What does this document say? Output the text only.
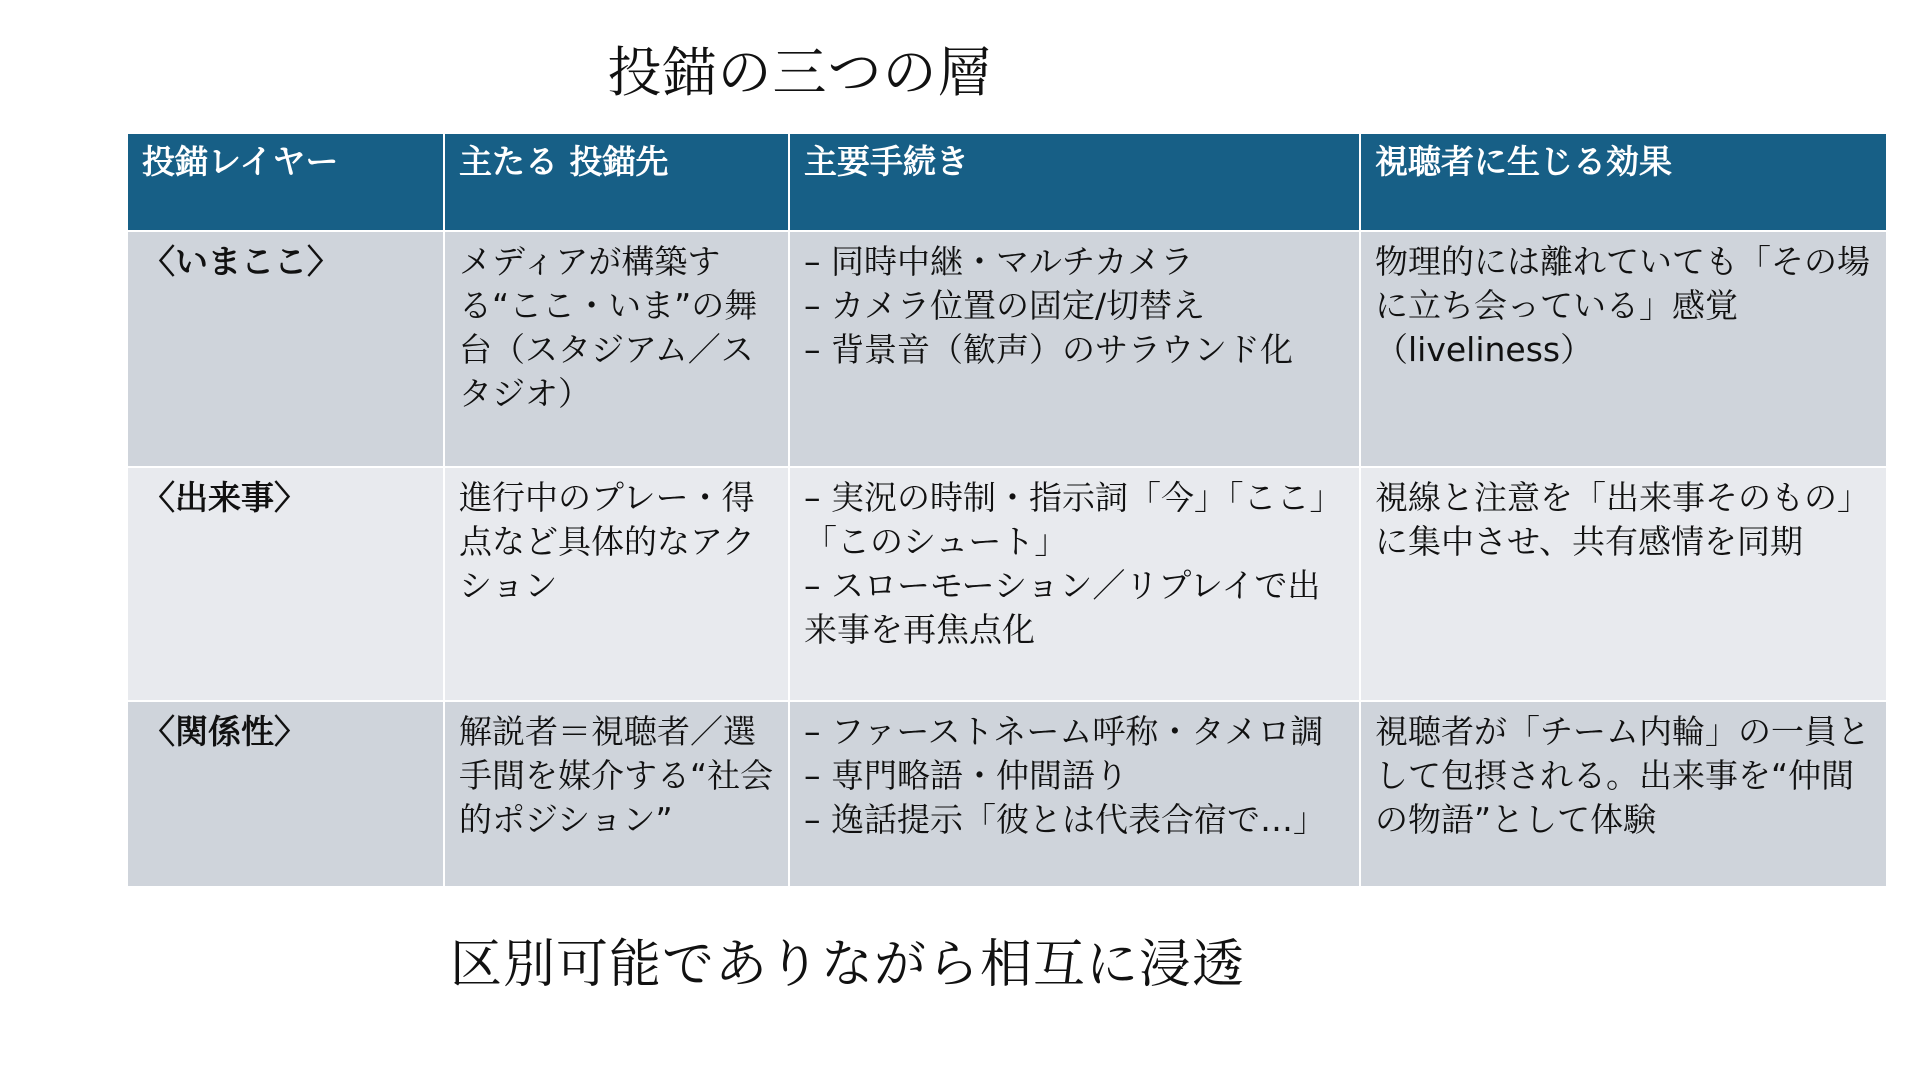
投錨の三つの層
投錨レイヤー	主たる 投錨先	主要手続き	視聴者に生じる効果
〈いまここ〉	メディアが構築する“ここ・いま”の舞台（スタジアム／スタジオ）	– 同時中継・マルチカメラ
– カメラ位置の固定/切替え
– 背景音（歓声）のサラウンド化	物理的には離れていても「その場に立ち会っている」感覚（liveliness）
〈出来事〉	進行中のプレー・得点など具体的なアクション	– 実況の時制・指示詞「今」「ここ」「このシュート」
– スローモーション／リプレイで出来事を再焦点化	視線と注意を「出来事そのもの」に集中させ、共有感情を同期
〈関係性〉	解説者＝視聴者／選手間を媒介する“社会的ポジション”	– ファーストネーム呼称・タメロ調
– 専門略語・仲間語り
– 逸話提示「彼とは代表合宿で…」	視聴者が「チーム内輪」の一員として包摂される。出来事を“仲間の物語”として体験
区別可能でありながら相互に浸透
